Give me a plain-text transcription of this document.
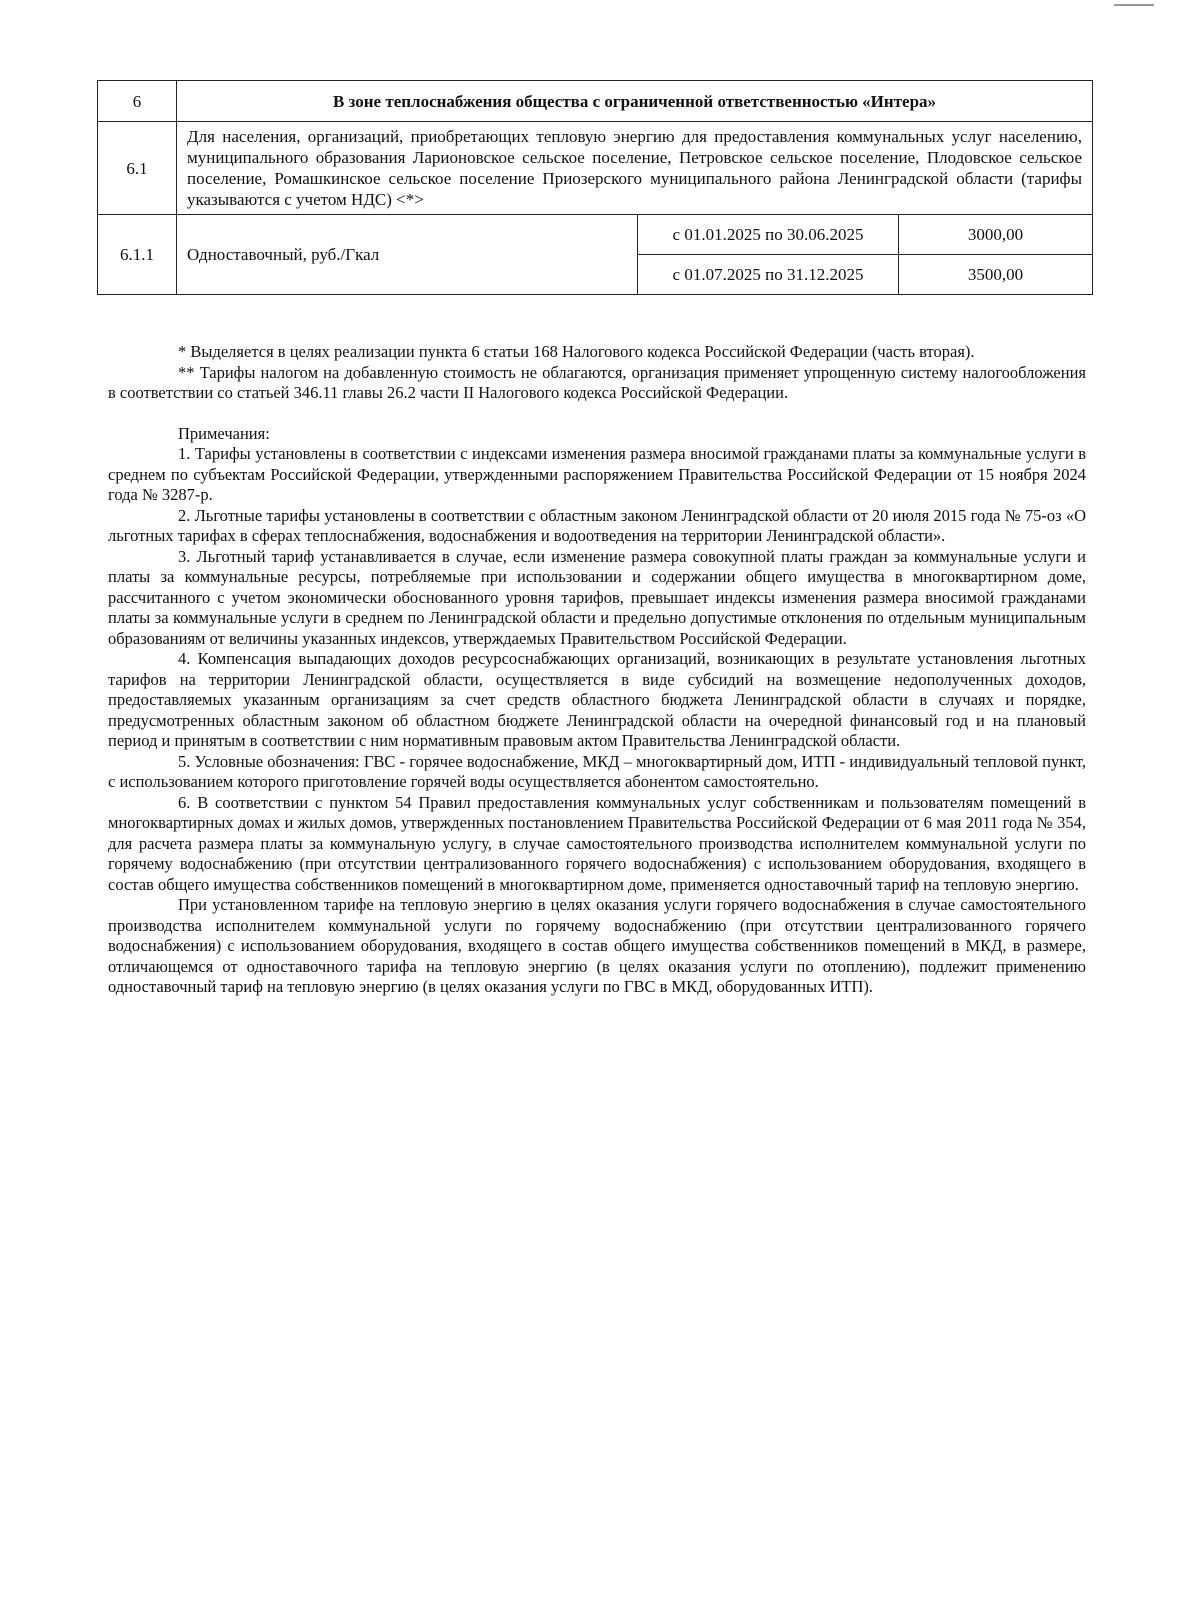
6	В зоне теплоснабжения общества с ограниченной ответственностью «Интера»		
6.1	Для населения, организаций, приобретающих тепловую энергию для предоставления коммунальных услуг населению, муниципального образования Ларионовское сельское поселение, Петровское сельское поселение, Плодовское сельское поселение, Ромашкинское сельское поселение Приозерского муниципального района Ленинградской области (тарифы указываются с учетом НДС) <*>		
6.1.1	Одноставочный, руб./Гкал	с 01.01.2025 по 30.06.2025	3000,00
		с 01.07.2025 по 31.12.2025	3500,00

* Выделяется в целях реализации пункта 6 статьи 168 Налогового кодекса Российской Федерации (часть вторая).

** Тарифы налогом на добавленную стоимость не облагаются, организация применяет упрощенную систему налогообложения в соответствии со статьей 346.11 главы 26.2 части II Налогового кодекса Российской Федерации.

Примечания:

1. Тарифы установлены в соответствии с индексами изменения размера вносимой гражданами платы за коммунальные услуги в среднем по субъектам Российской Федерации, утвержденными распоряжением Правительства Российской Федерации от 15 ноября 2024 года № 3287-р.

2. Льготные тарифы установлены в соответствии с областным законом Ленинградской области от 20 июля 2015 года № 75-оз «О льготных тарифах в сферах теплоснабжения, водоснабжения и водоотведения на территории Ленинградской области».

3. Льготный тариф устанавливается в случае, если изменение размера совокупной платы граждан за коммунальные услуги и платы за коммунальные ресурсы, потребляемые при использовании и содержании общего имущества в многоквартирном доме, рассчитанного с учетом экономически обоснованного уровня тарифов, превышает индексы изменения размера вносимой гражданами платы за коммунальные услуги в среднем по Ленинградской области и предельно допустимые отклонения по отдельным муниципальным образованиям от величины указанных индексов, утверждаемых Правительством Российской Федерации.

4. Компенсация выпадающих доходов ресурсоснабжающих организаций, возникающих в результате установления льготных тарифов на территории Ленинградской области, осуществляется в виде субсидий на возмещение недополученных доходов, предоставляемых указанным организациям за счет средств областного бюджета Ленинградской области в случаях и порядке, предусмотренных областным законом об областном бюджете Ленинградской области на очередной финансовый год и на плановый период и принятым в соответствии с ним нормативным правовым актом Правительства Ленинградской области.

5. Условные обозначения: ГВС - горячее водоснабжение, МКД – многоквартирный дом, ИТП - индивидуальный тепловой пункт, с использованием которого приготовление горячей воды осуществляется абонентом самостоятельно.

6. В соответствии с пунктом 54 Правил предоставления коммунальных услуг собственникам и пользователям помещений в многоквартирных домах и жилых домов, утвержденных постановлением Правительства Российской Федерации от 6 мая 2011 года № 354, для расчета размера платы за коммунальную услугу, в случае самостоятельного производства исполнителем коммунальной услуги по горячему водоснабжению (при отсутствии централизованного горячего водоснабжения) с использованием оборудования, входящего в состав общего имущества собственников помещений в многоквартирном доме, применяется одноставочный тариф на тепловую энергию.

При установленном тарифе на тепловую энергию в целях оказания услуги горячего водоснабжения в случае самостоятельного производства исполнителем коммунальной услуги по горячему водоснабжению (при отсутствии централизованного горячего водоснабжения) с использованием оборудования, входящего в состав общего имущества собственников помещений в МКД, в размере, отличающемся от одноставочного тарифа на тепловую энергию (в целях оказания услуги по отоплению), подлежит применению одноставочный тариф на тепловую энергию (в целях оказания услуги по ГВС в МКД, оборудованных ИТП).
